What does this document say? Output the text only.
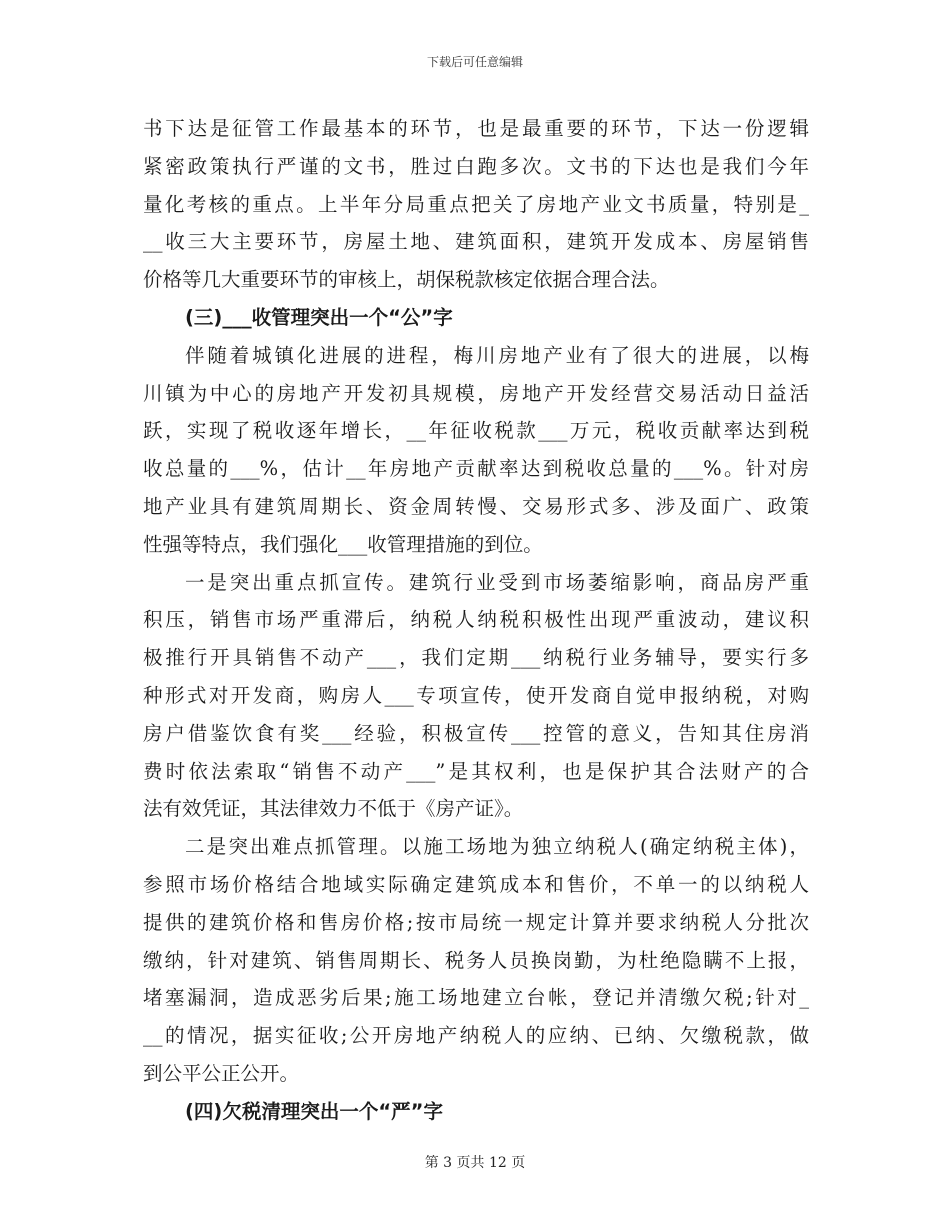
下载后可任意编辑
书下达是征管工作最基本的环节，也是最重要的环节，下达一份逻辑
紧密政策执行严谨的文书，胜过白跑多次。文书的下达也是我们今年
量化考核的重点。上半年分局重点把关了房地产业文书质量，特别是_
__收三大主要环节，房屋土地、建筑面积，建筑开发成本、房屋销售
价格等几大重要环节的审核上，胡保税款核定依据合理合法。
(三)___收管理突出一个“公”字
伴随着城镇化进展的进程，梅川房地产业有了很大的进展，以梅
川镇为中心的房地产开发初具规模，房地产开发经营交易活动日益活
跃，实现了税收逐年增长，__年征收税款___万元，税收贡献率达到税
收总量的___%，估计__年房地产贡献率达到税收总量的___%。针对房
地产业具有建筑周期长、资金周转慢、交易形式多、涉及面广、政策
性强等特点，我们强化___收管理措施的到位。
一是突出重点抓宣传。建筑行业受到市场萎缩影响，商品房严重
积压，销售市场严重滞后，纳税人纳税积极性出现严重波动，建议积
极推行开具销售不动产___，我们定期___纳税行业务辅导，要实行多
种形式对开发商，购房人___专项宣传，使开发商自觉申报纳税，对购
房户借鉴饮食有奖___经验，积极宣传___控管的意义，告知其住房消
费时依法索取“销售不动产___”是其权利，也是保护其合法财产的合
法有效凭证，其法律效力不低于《房产证》。
二是突出难点抓管理。以施工场地为独立纳税人(确定纳税主体)，
参照市场价格结合地域实际确定建筑成本和售价，不单一的以纳税人
提供的建筑价格和售房价格;按市局统一规定计算并要求纳税人分批次
缴纳，针对建筑、销售周期长、税务人员换岗勤，为杜绝隐瞒不上报，
堵塞漏洞，造成恶劣后果;施工场地建立台帐，登记并清缴欠税;针对_
__的情况，据实征收;公开房地产纳税人的应纳、已纳、欠缴税款，做
到公平公正公开。
(四)欠税清理突出一个“严”字
第 3 页共 12 页
